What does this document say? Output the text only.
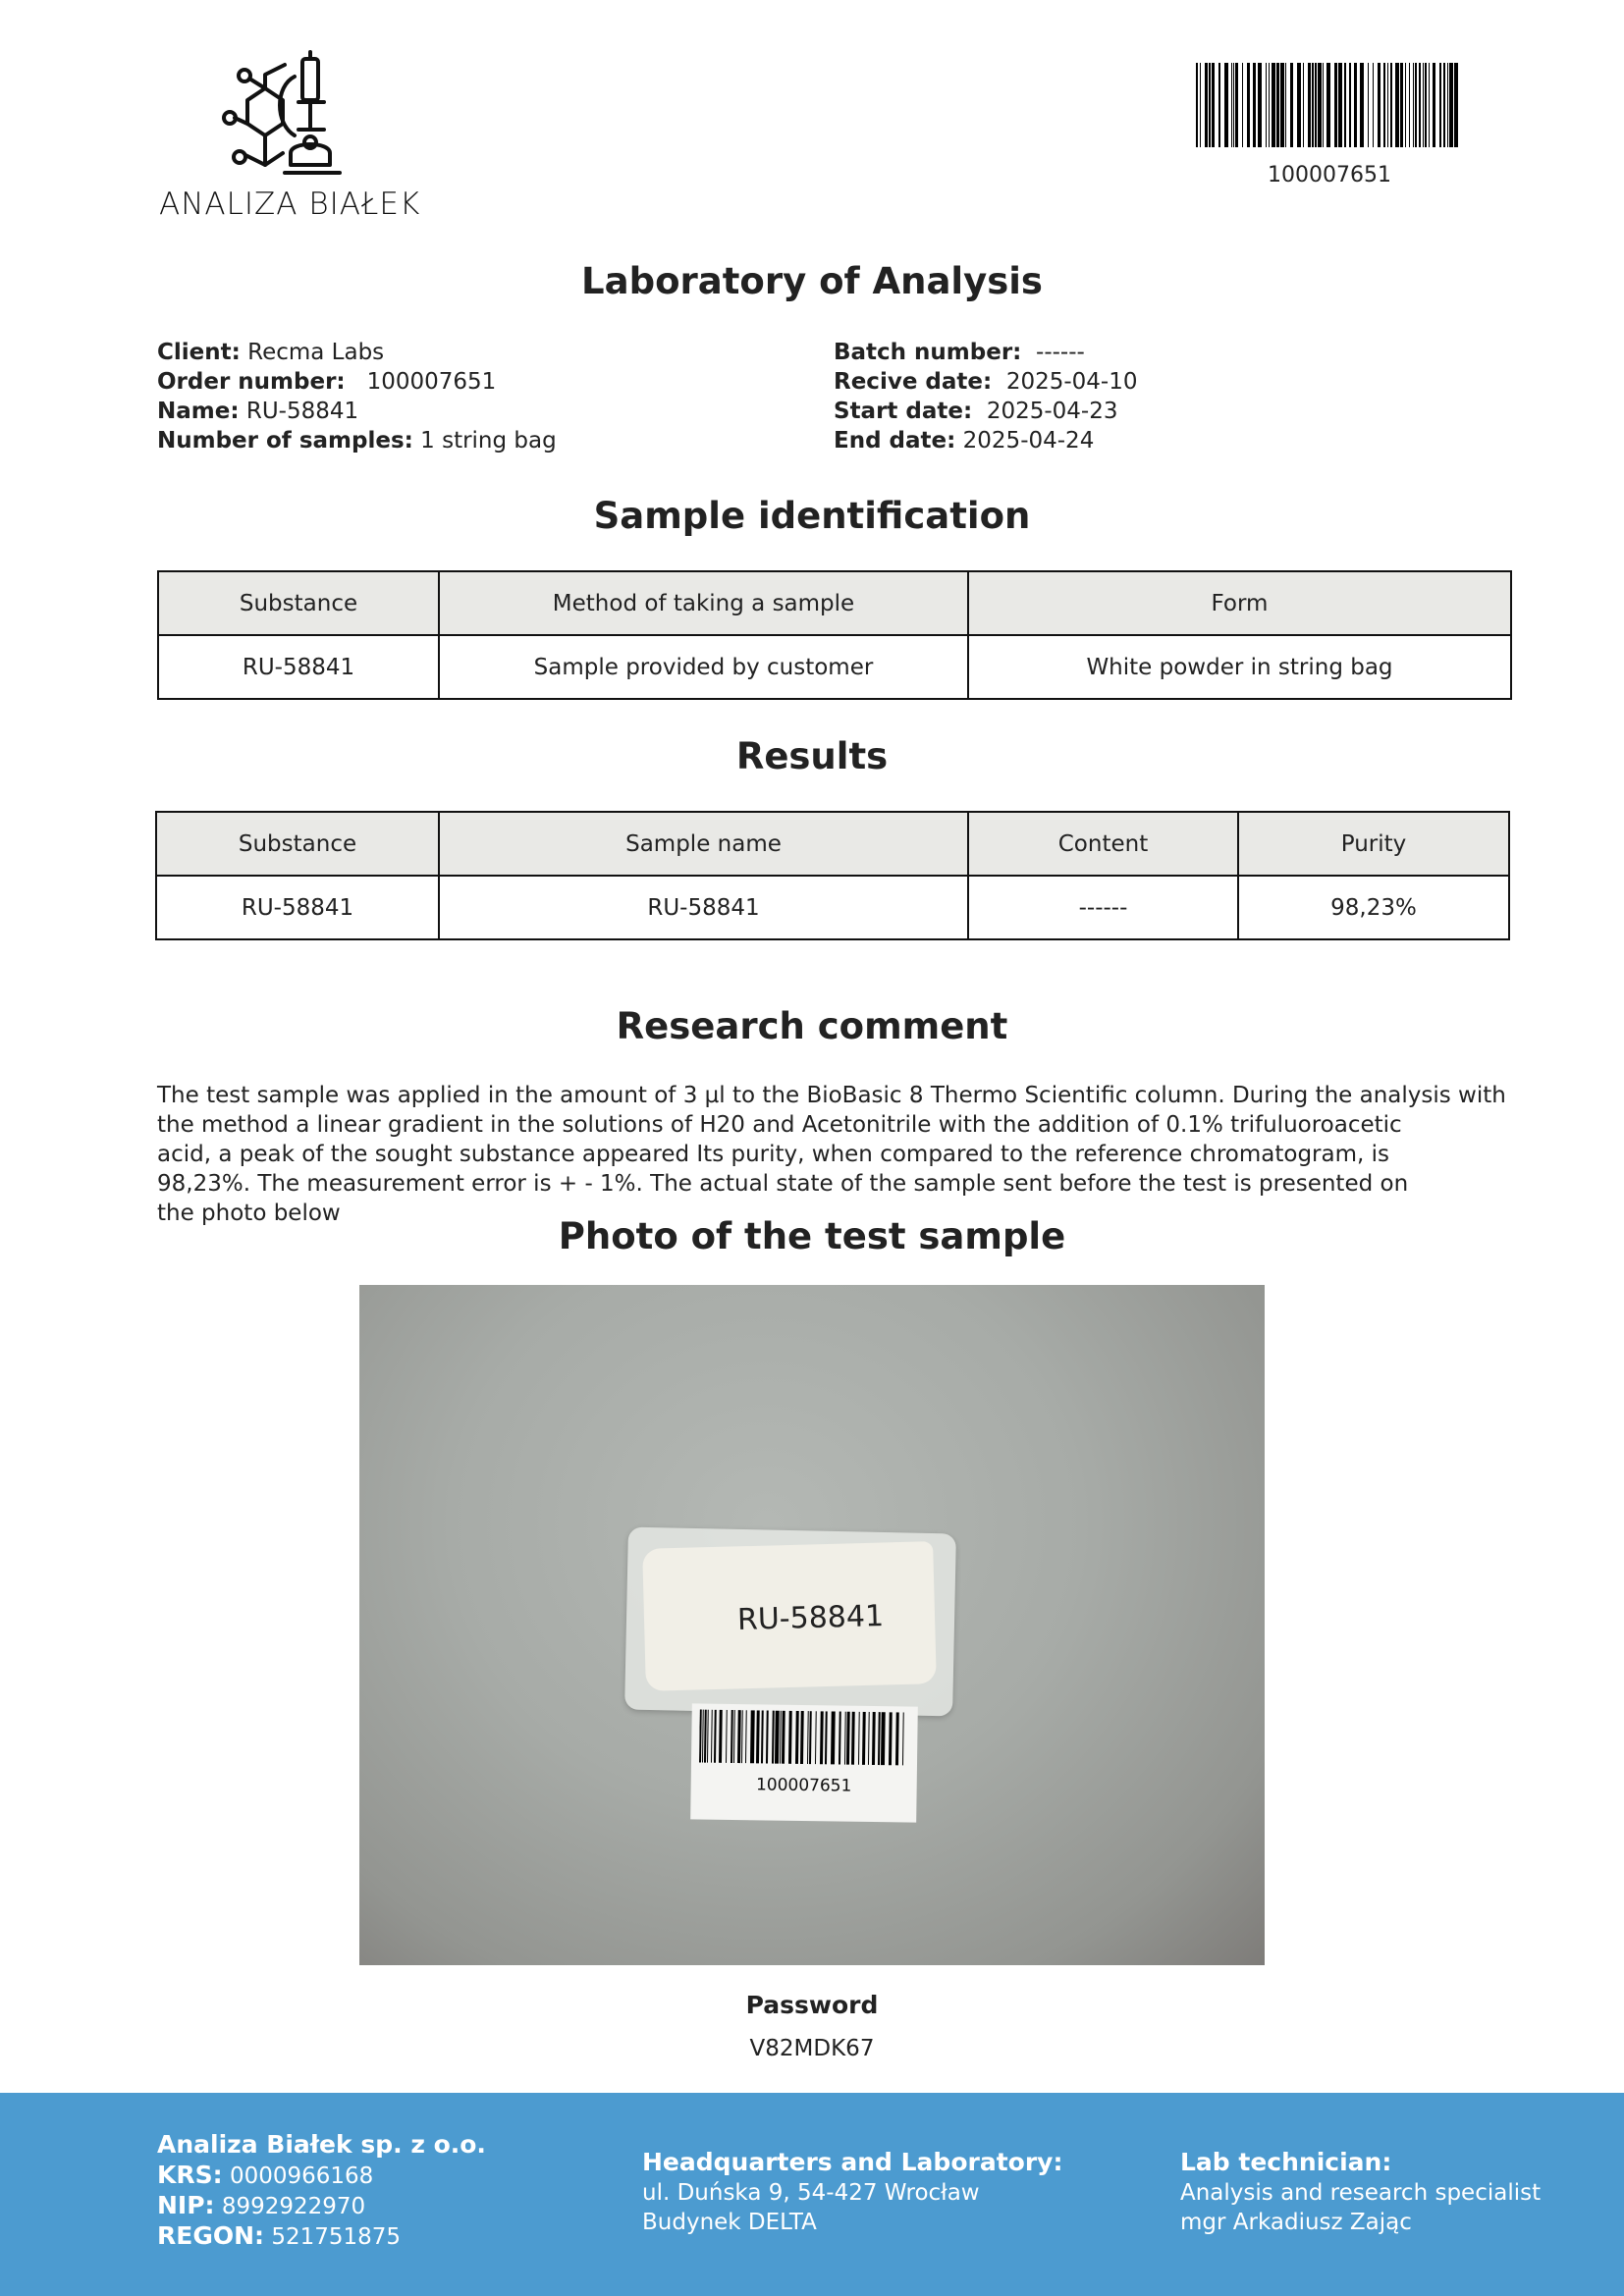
ANALIZA BIAŁEK
100007651
Laboratory of Analysis
Client: Recma Labs
Order number: 100007651
Name: RU-58841
Number of samples: 1 string bag
Batch number: ------
Recive date: 2025-04-10
Start date: 2025-04-23
End date: 2025-04-24
Sample identification
Substance	Method of taking a sample	Form
RU-58841	Sample provided by customer	White powder in string bag
Results
Substance	Sample name	Content	Purity
RU-58841	RU-58841	------	98,23%
Research comment
The test sample was applied in the amount of 3 µl to the BioBasic 8 Thermo Scientific column. During the analysis with
the method a linear gradient in the solutions of H20 and Acetonitrile with the addition of 0.1% trifuluoroacetic
acid, a peak of the sought substance appeared Its purity, when compared to the reference chromatogram, is
98,23%. The measurement error is + - 1%. The actual state of the sample sent before the test is presented on
the photo below
Photo of the test sample
RU-58841
100007651
Password
V82MDK67
Analiza Białek sp. z o.o.
KRS: 0000966168
NIP: 8992922970
REGON: 521751875
Headquarters and Laboratory:
ul. Duńska 9, 54-427 Wrocław
Budynek DELTA
Lab technician:
Analysis and research specialist
mgr Arkadiusz Zając
